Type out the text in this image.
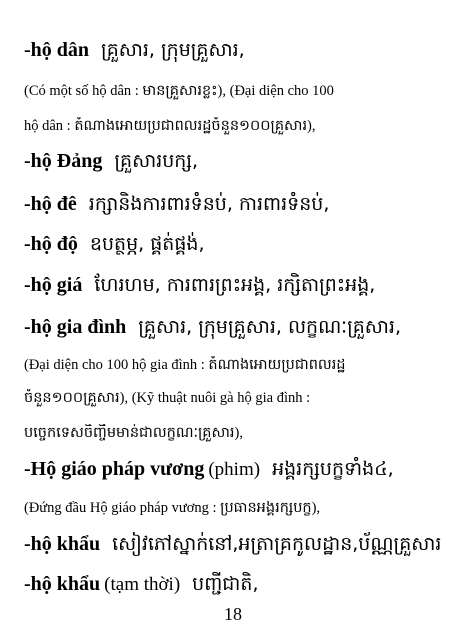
-hộ dân គ្រួសារ, ក្រុមគ្រួសារ,
(Có một số hộ dân : មានគ្រួសារខ្លះ), (Đại diện cho 100
hộ dân : តំណាងអោយប្រជាពលរដ្ឋចំនួន១០០គ្រួសារ),
-hộ Đảng គ្រួសារបក្ស,
-hộ đê រក្សានិងការពារទំនប់, ការពារទំនប់,
-hộ độ ឧបត្ថម្ភ, ផ្គត់ផ្គង់,
-hộ giá ហែរហម, ការពារព្រះអង្គ, រក្សិតាព្រះអង្គ,
-hộ gia đình គ្រួសារ, ក្រុមគ្រួសារ, លក្ខណៈគ្រួសារ,
(Đại diện cho 100 hộ gia đình : តំណាងអោយប្រជាពលរដ្ឋ
ចំនួន១០០គ្រួសារ), (Kỹ thuật nuôi gà hộ gia đình :
បច្ចេកទេសចិញ្ចឹមមាន់ជាលក្ខណៈគ្រួសារ),
-Hộ giáo pháp vương (phim) អង្គរក្សបក្ខទាំង៤,
(Đứng đầu Hộ giáo pháp vương : ប្រធានអង្គរក្សបក្ខ),
-hộ khẩu សៀវភៅស្នាក់នៅ,អត្រាគ្រកូលដ្ឋាន,ប័ណ្ណគ្រួសារ
-hộ khẩu (tạm thời) បញ្ជីជាតិ,
18
